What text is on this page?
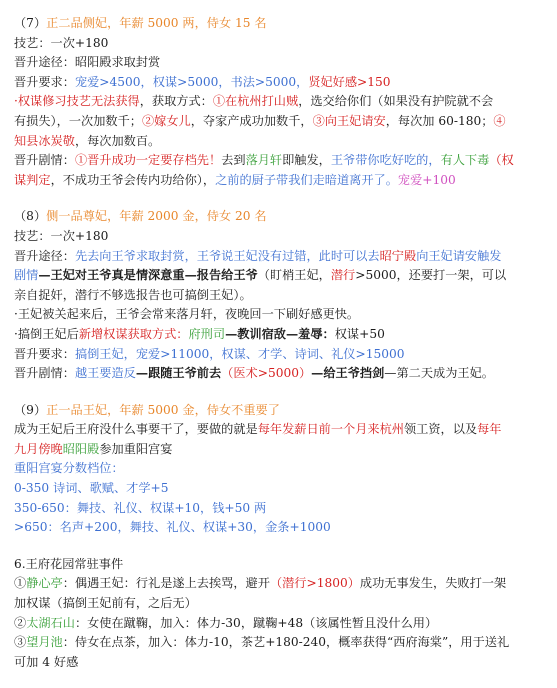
（7）正二品侧妃，年薪 5000 两，侍女 15 名
技艺：一次+180
晋升途径：昭阳殿求取封赏
晋升要求：宠爱>4500，权谋>5000，书法>5000，贤妃好感>150
·权谋修习技艺无法获得，获取方式：①在杭州打山贼，选交给你们（如果没有护院就不会
有损失），一次加数千；②嫁女儿，夺家产成功加数千，③向王妃请安，每次加 60-180；④
知县冰炭敬，每次加数百。
晋升剧情：①晋升成功一定要存档先！去到落月轩即触发，王爷带你吃好吃的，有人下毒（权
谋判定，不成功王爷会传内功给你），之前的厨子带我们走暗道离开了。宠爱+100
（8）侧一品尊妃，年薪 2000 金，侍女 20 名
技艺：一次+180
晋升途径：先去向王爷求取封赏，王爷说王妃没有过错，此时可以去昭宁殿向王妃请安触发
剧情—王妃对王爷真是情深意重—报告给王爷（盯梢王妃，潜行>5000，还要打一架，可以
亲自捉奸，潜行不够选报告也可搞倒王妃）。
·王妃被关起来后，王爷会常来落月轩，夜晚回一下刷好感更快。
·搞倒王妃后新增权谋获取方式：府刑司—教训宿敌—羞辱：权谋+50
晋升要求：搞倒王妃，宠爱>11000，权谋、才学、诗词、礼仪>15000
晋升剧情：越王要造反—跟随王爷前去（医术>5000）—给王爷挡剑—第二天成为王妃。
（9）正一品王妃，年薪 5000 金，侍女不重要了
成为王妃后王府没什么事要干了，要做的就是每年发薪日前一个月来杭州领工资，以及每年
九月傍晚昭阳殿参加重阳宫宴
重阳宫宴分数档位：
0-350 诗词、歌赋、才学+5
350-650：舞技、礼仪、权谋+10，钱+50 两
>650：名声+200，舞技、礼仪、权谋+30，金条+1000
6.王府花园常驻事件
①静心亭：偶遇王妃：行礼是遂上去挨骂，避开（潜行>1800）成功无事发生，失败打一架
加权谋（搞倒王妃前有，之后无）
②太湖石山：女使在蹴鞠，加入：体力-30，蹴鞠+48（该属性暂且没什么用）
③望月池：侍女在点茶，加入：体力-10，茶艺+180-240，概率获得“西府海棠”，用于送礼
可加 4 好感
